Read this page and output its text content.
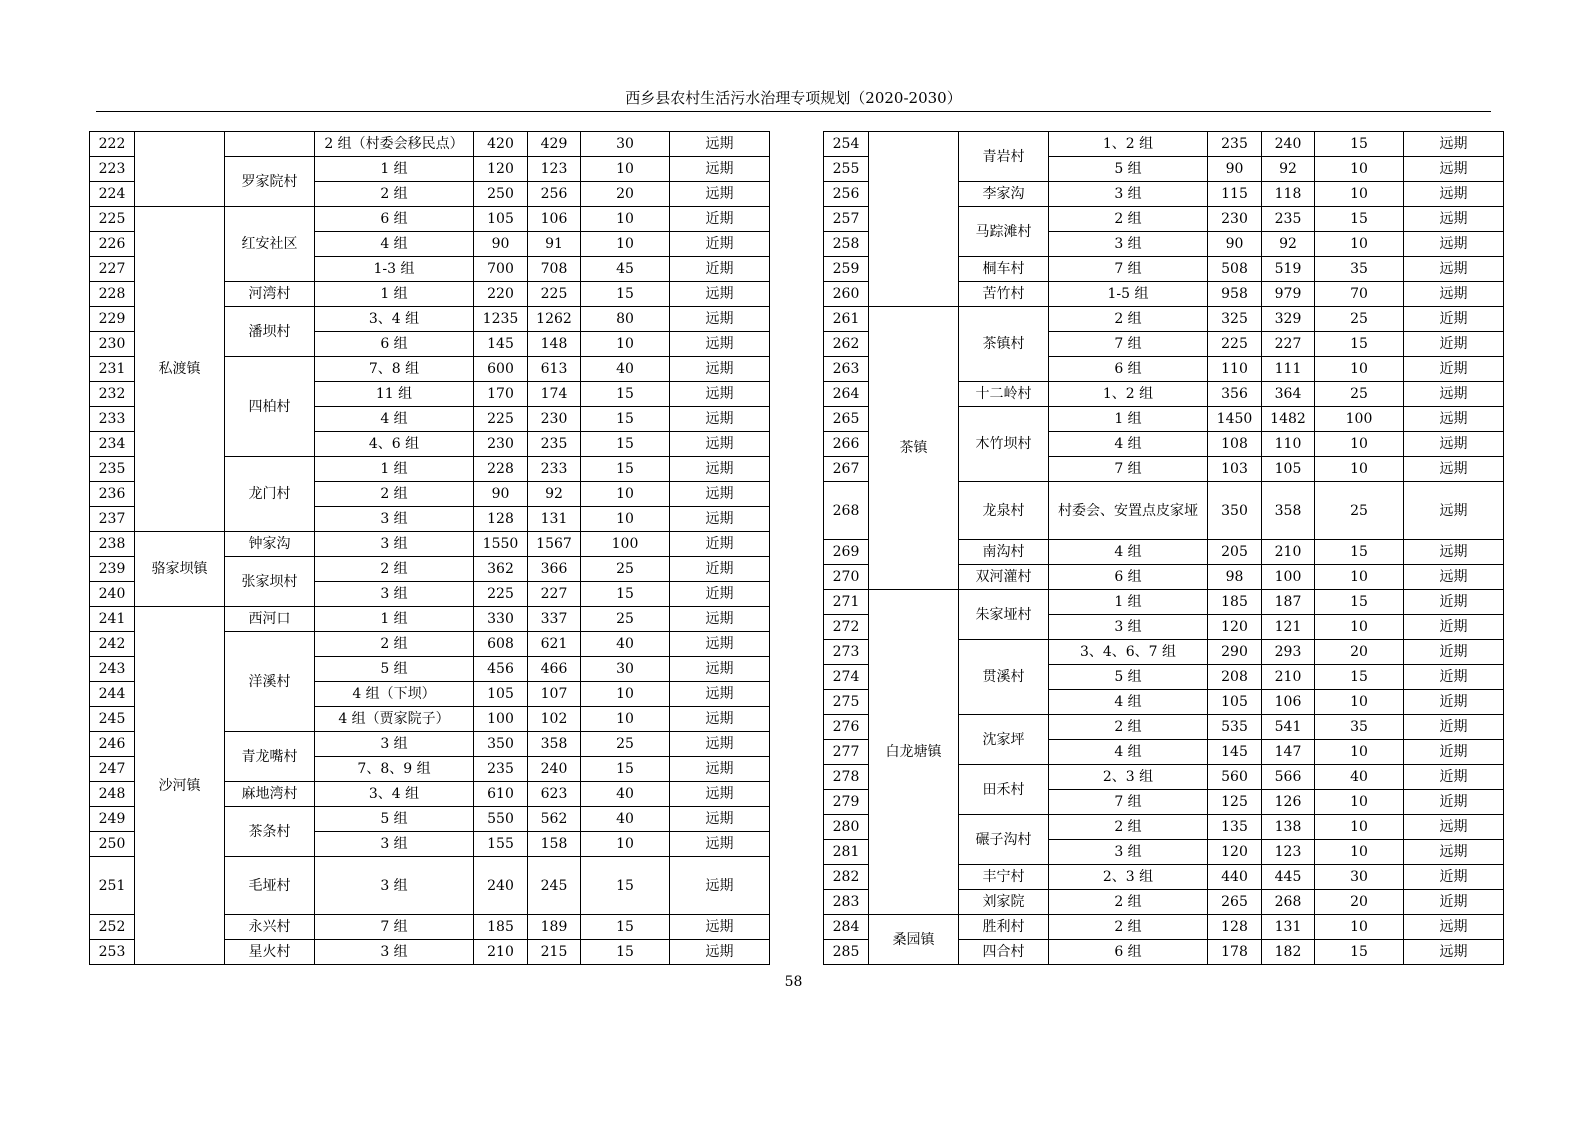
西乡县农村生活污水治理专项规划（2020-2030）
222			2 组（村委会移民点）	420	429	30	远期
223		罗家院村	1 组	120	123	10	远期
224			2 组	250	256	20	远期
225	私渡镇	红安社区	6 组	105	106	10	近期
226			4 组	90	91	10	近期
227			1-3 组	700	708	45	近期
228		河湾村	1 组	220	225	15	远期
229		潘坝村	3、4 组	1235	1262	80	远期
230			6 组	145	148	10	远期
231		四柏村	7、8 组	600	613	40	远期
232			11 组	170	174	15	远期
233			4 组	225	230	15	远期
234			4、6 组	230	235	15	远期
235		龙门村	1 组	228	233	15	远期
236			2 组	90	92	10	远期
237			3 组	128	131	10	远期
238	骆家坝镇	钟家沟	3 组	1550	1567	100	近期
239		张家坝村	2 组	362	366	25	近期
240			3 组	225	227	15	近期
241	沙河镇	西河口	1 组	330	337	25	远期
242		洋溪村	2 组	608	621	40	远期
243			5 组	456	466	30	远期
244			4 组（下坝）	105	107	10	远期
245			4 组（贾家院子）	100	102	10	远期
246		青龙嘴村	3 组	350	358	25	远期
247			7、8、9 组	235	240	15	远期
248		麻地湾村	3、4 组	610	623	40	远期
249		茶条村	5 组	550	562	40	远期
250			3 组	155	158	10	远期
251		毛垭村	3 组	240	245	15	远期
252		永兴村	7 组	185	189	15	远期
253		星火村	3 组	210	215	15	远期
254		青岩村	1、2 组	235	240	15	远期
255			5 组	90	92	10	远期
256		李家沟	3 组	115	118	10	远期
257		马踪滩村	2 组	230	235	15	远期
258			3 组	90	92	10	远期
259		桐车村	7 组	508	519	35	远期
260		苦竹村	1-5 组	958	979	70	远期
261	茶镇	茶镇村	2 组	325	329	25	近期
262			7 组	225	227	15	近期
263			6 组	110	111	10	近期
264		十二岭村	1、2 组	356	364	25	远期
265		木竹坝村	1 组	1450	1482	100	远期
266			4 组	108	110	10	远期
267			7 组	103	105	10	远期
268		龙泉村	村委会、安置点皮家垭	350	358	25	远期
269		南沟村	4 组	205	210	15	远期
270		双河灌村	6 组	98	100	10	远期
271	白龙塘镇	朱家垭村	1 组	185	187	15	近期
272			3 组	120	121	10	近期
273		贯溪村	3、4、6、7 组	290	293	20	近期
274			5 组	208	210	15	近期
275			4 组	105	106	10	近期
276		沈家坪	2 组	535	541	35	近期
277			4 组	145	147	10	近期
278		田禾村	2、3 组	560	566	40	近期
279			7 组	125	126	10	近期
280		碾子沟村	2 组	135	138	10	远期
281			3 组	120	123	10	远期
282		丰宁村	2、3 组	440	445	30	近期
283		刘家院	2 组	265	268	20	近期
284	桑园镇	胜利村	2 组	128	131	10	远期
285		四合村	6 组	178	182	15	远期
58
